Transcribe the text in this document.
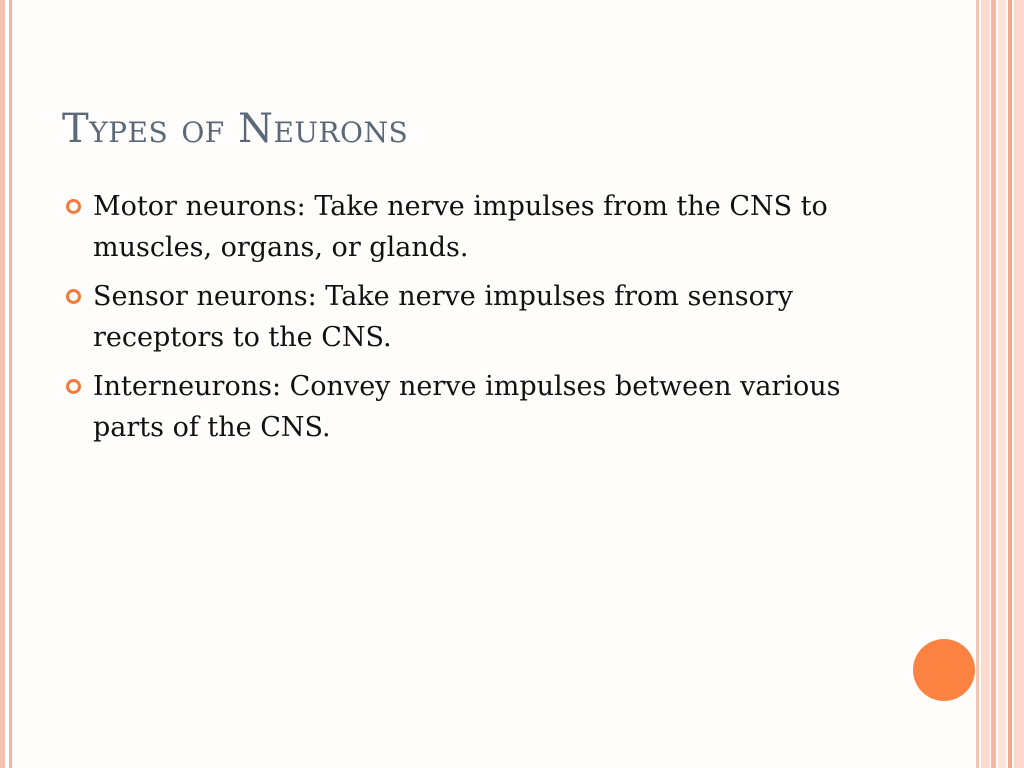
Types of Neurons
Motor neurons: Take nerve impulses from the CNS to muscles, organs, or glands.
Sensor neurons: Take nerve impulses from sensory receptors to the CNS.
Interneurons: Convey nerve impulses between various parts of the CNS.
